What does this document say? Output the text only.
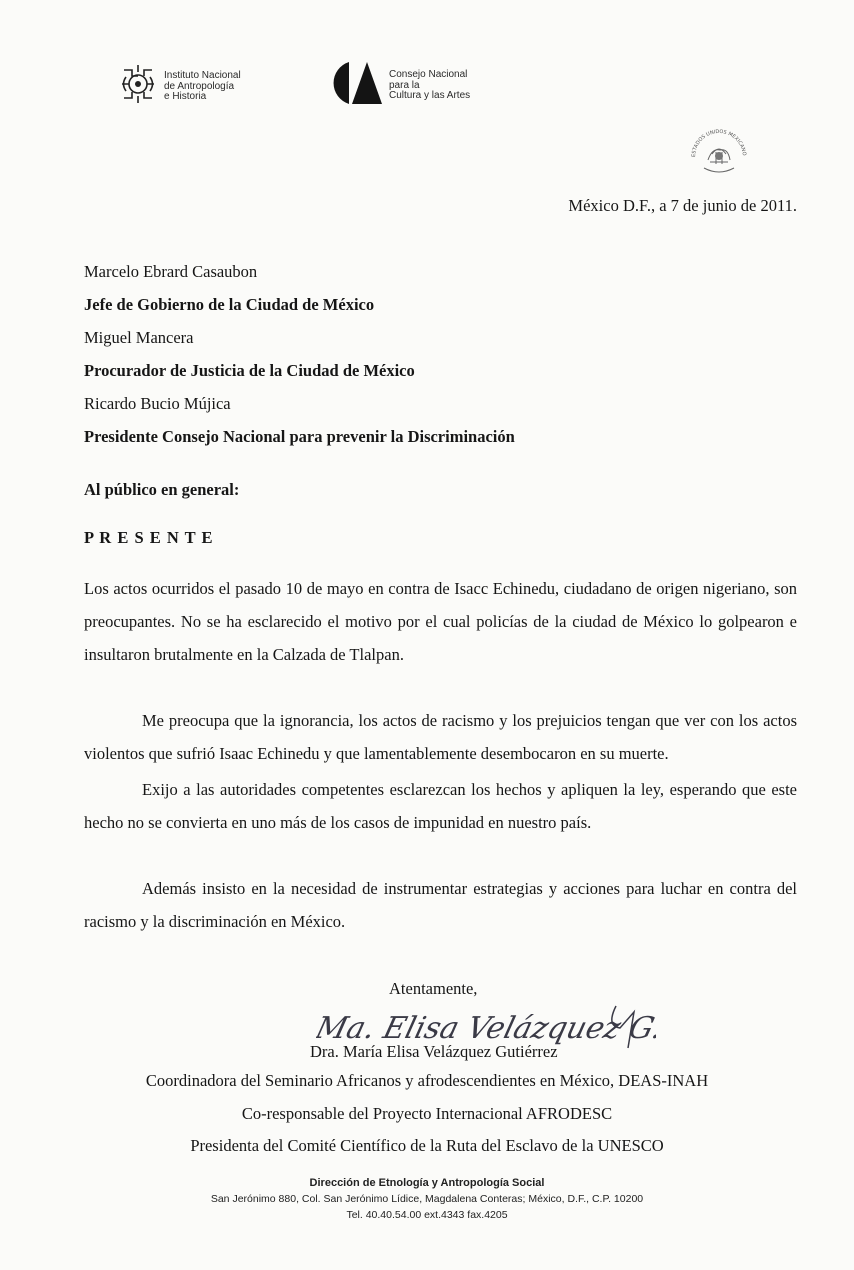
Instituto Nacional
de Antropología
e Historia
Consejo Nacional
para la
Cultura y las Artes
ESTADOS UNIDOS MEXICANO
México D.F., a 7 de junio de 2011.
Marcelo Ebrard Casaubon
Jefe de Gobierno de la Ciudad de México
Miguel Mancera
Procurador de Justicia de la Ciudad de México
Ricardo Bucio Mújica
Presidente Consejo Nacional para prevenir la Discriminación
Al público en general:
P R E S E N T E

Los actos ocurridos el pasado 10 de mayo en contra de Isacc Echinedu, ciudadano de origen nigeriano, son preocupantes. No se ha esclarecido el motivo por el cual policías de la ciudad de México lo golpearon e insultaron brutalmente en la Calzada de Tlalpan.

Me preocupa que la ignorancia, los actos de racismo y los prejuicios tengan que ver con los actos violentos que sufrió Isaac Echinedu y que lamentablemente desembocaron en su muerte.

Exijo a las autoridades competentes esclarezcan los hechos y apliquen la ley, esperando que este hecho no se convierta en uno más de los casos de impunidad en nuestro país.

Además insisto en la necesidad de instrumentar estrategias y acciones para luchar en contra del racismo y la discriminación en México.

Atentamente,
Ma. Elisa Velázquez G.
Dra. María Elisa Velázquez Gutiérrez
Coordinadora del Seminario Africanos y afrodescendientes en México, DEAS-INAH
Co-responsable del Proyecto Internacional AFRODESC
Presidenta del Comité Científico de la Ruta del Esclavo de la UNESCO
Dirección de Etnología y Antropología Social
San Jerónimo 880, Col. San Jerónimo Lídice, Magdalena Conteras; México, D.F., C.P. 10200
Tel. 40.40.54.00 ext.4343 fax.4205
